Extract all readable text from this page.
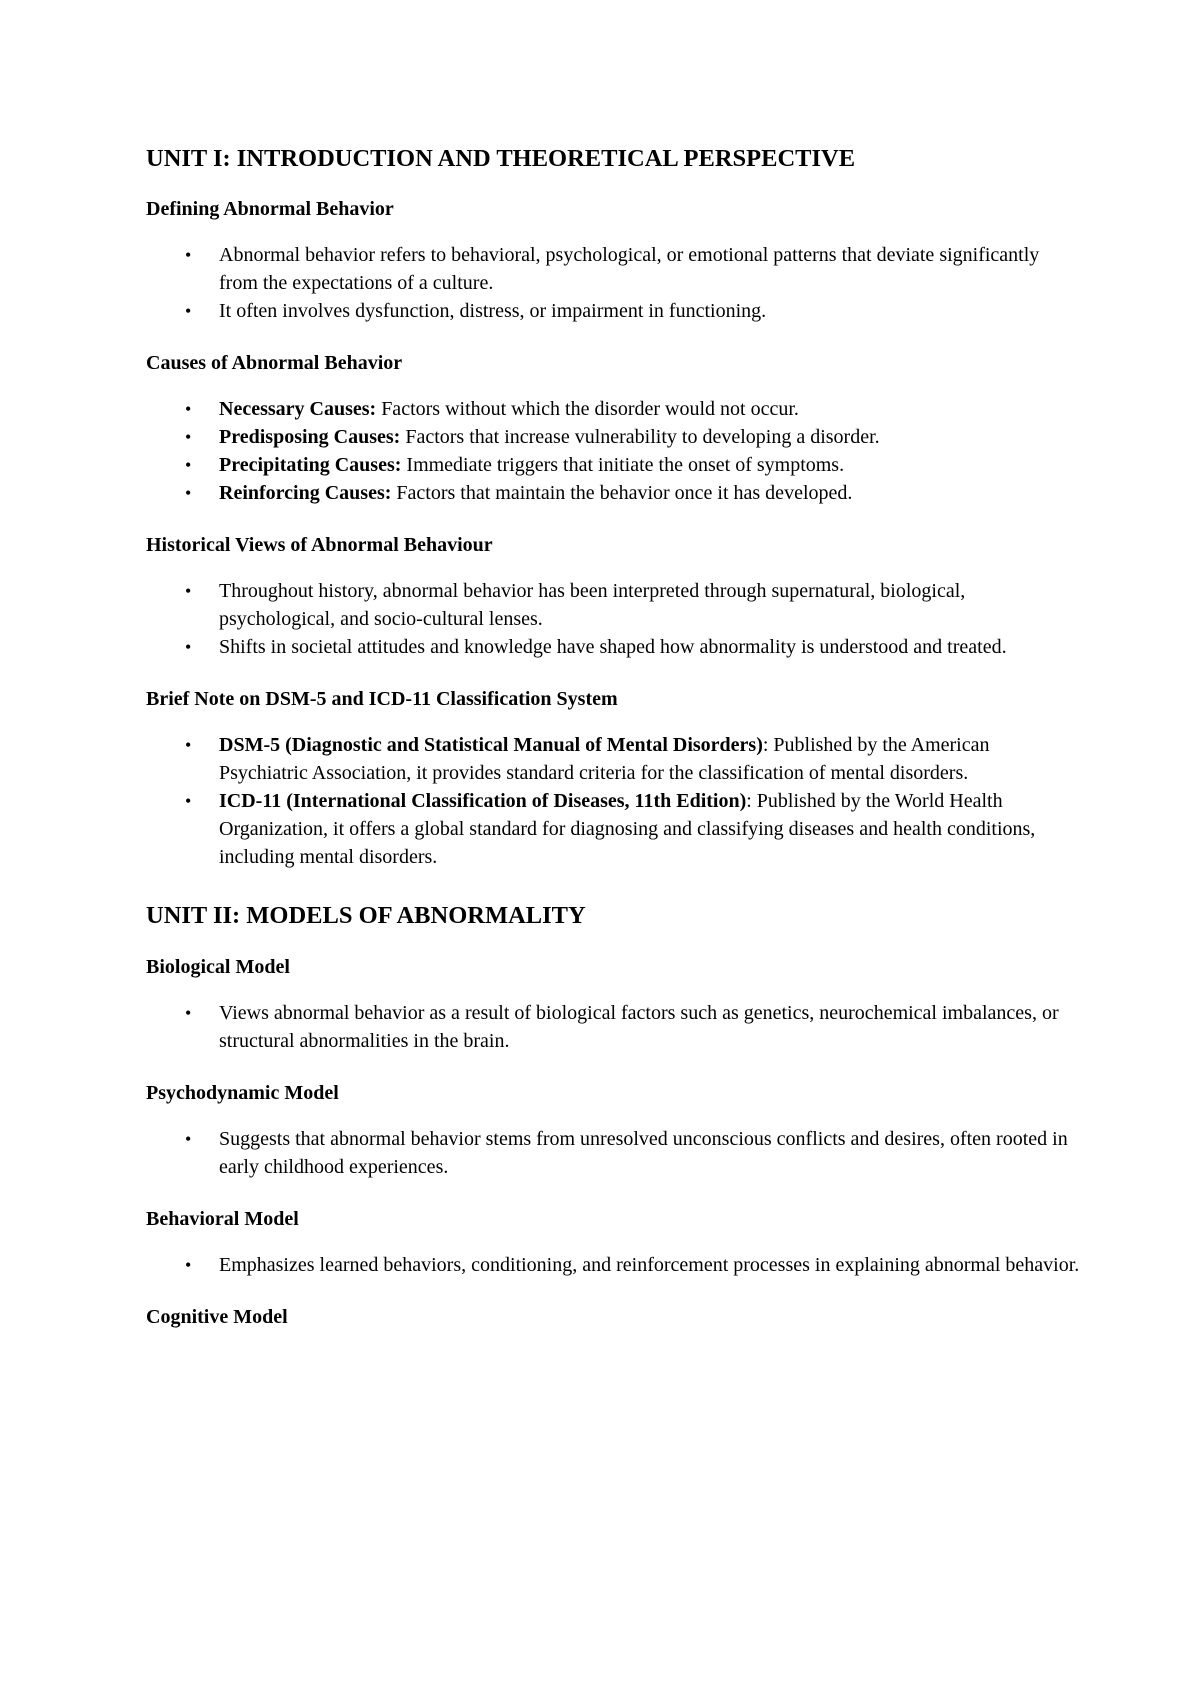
UNIT I: INTRODUCTION AND THEORETICAL PERSPECTIVE
Defining Abnormal Behavior
• Abnormal behavior refers to behavioral, psychological, or emotional patterns that deviate significantly from the expectations of a culture.
• It often involves dysfunction, distress, or impairment in functioning.
Causes of Abnormal Behavior
• Necessary Causes: Factors without which the disorder would not occur.
• Predisposing Causes: Factors that increase vulnerability to developing a disorder.
• Precipitating Causes: Immediate triggers that initiate the onset of symptoms.
• Reinforcing Causes: Factors that maintain the behavior once it has developed.
Historical Views of Abnormal Behaviour
• Throughout history, abnormal behavior has been interpreted through supernatural, biological, psychological, and socio-cultural lenses.
• Shifts in societal attitudes and knowledge have shaped how abnormality is understood and treated.
Brief Note on DSM-5 and ICD-11 Classification System
• DSM-5 (Diagnostic and Statistical Manual of Mental Disorders): Published by the American Psychiatric Association, it provides standard criteria for the classification of mental disorders.
• ICD-11 (International Classification of Diseases, 11th Edition): Published by the World Health Organization, it offers a global standard for diagnosing and classifying diseases and health conditions, including mental disorders.
UNIT II: MODELS OF ABNORMALITY
Biological Model
• Views abnormal behavior as a result of biological factors such as genetics, neurochemical imbalances, or structural abnormalities in the brain.
Psychodynamic Model
• Suggests that abnormal behavior stems from unresolved unconscious conflicts and desires, often rooted in early childhood experiences.
Behavioral Model
• Emphasizes learned behaviors, conditioning, and reinforcement processes in explaining abnormal behavior.
Cognitive Model
